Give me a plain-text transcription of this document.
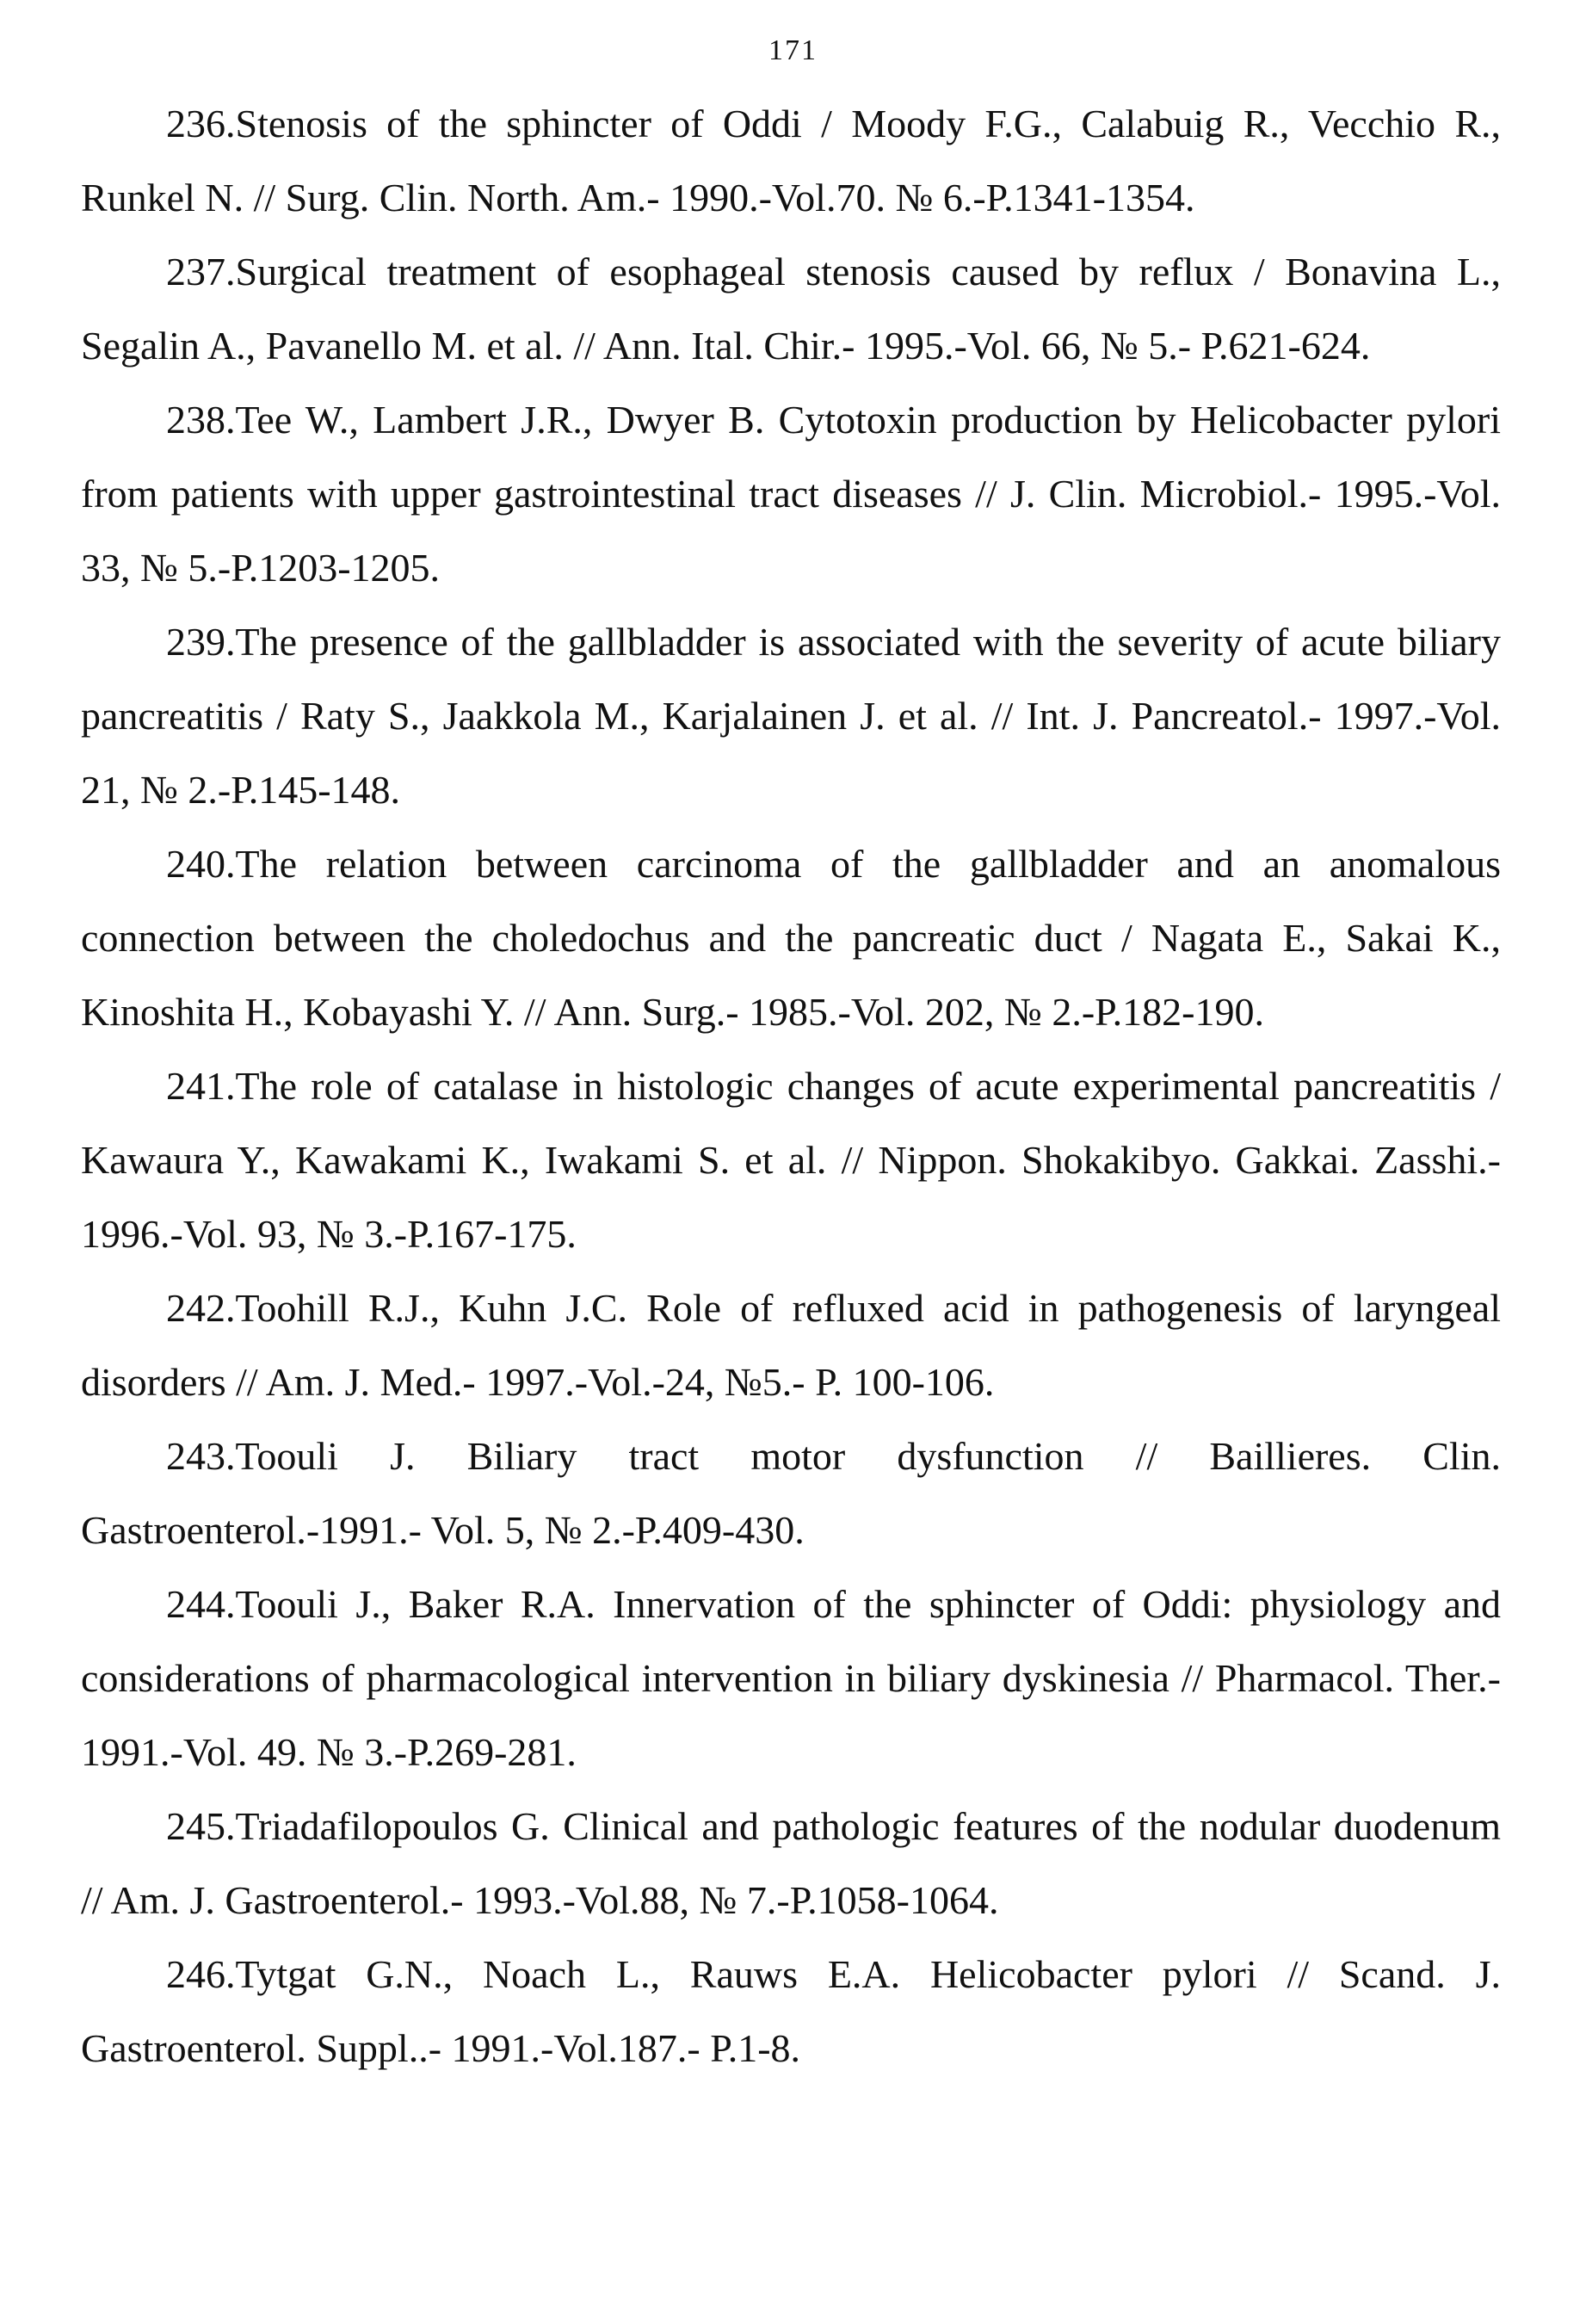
171

236.Stenosis of the sphincter of Oddi / Moody F.G., Calabuig R., Vecchio R., Runkel N. // Surg. Clin. North. Am.- 1990.-Vol.70. № 6.-P.1341-1354.

237.Surgical treatment of esophageal stenosis caused by reflux / Bonavina L., Segalin A., Pavanello M. et al. // Ann. Ital. Chir.- 1995.-Vol. 66, № 5.- P.621-624.

238.Tee W., Lambert J.R., Dwyer B. Cytotoxin production by Helicobacter pylori from patients with upper gastrointestinal tract diseases // J. Clin. Microbiol.- 1995.-Vol. 33, № 5.-P.1203-1205.

239.The presence of the gallbladder is associated with the severity of acute biliary pancreatitis / Raty S., Jaakkola M., Karjalainen J. et al. // Int. J. Pancreatol.- 1997.-Vol. 21, № 2.-P.145-148.

240.The relation between carcinoma of the gallbladder and an anomalous connection between the choledochus and the pancreatic duct / Nagata E., Sakai K., Kinoshita H., Kobayashi Y. // Ann. Surg.- 1985.-Vol. 202, № 2.-P.182-190.

241.The role of catalase in histologic changes of acute experimental pancreatitis / Kawaura Y., Kawakami K., Iwakami S. et al. // Nippon. Shokakibyo. Gakkai. Zasshi.- 1996.-Vol. 93, № 3.-P.167-175.

242.Toohill R.J., Kuhn J.C. Role of refluxed acid in pathogenesis of laryngeal disorders // Am. J. Med.- 1997.-Vol.-24, №5.- P. 100-106.

243.Toouli J. Biliary tract motor dysfunction // Baillieres. Clin. Gastroenterol.-1991.- Vol. 5, № 2.-P.409-430.

244.Toouli J., Baker R.A. Innervation of the sphincter of Oddi: physiology and considerations of pharmacological intervention in biliary dyskinesia // Pharmacol. Ther.- 1991.-Vol. 49. № 3.-P.269-281.

245.Triadafilopoulos G. Clinical and pathologic features of the nodular duodenum // Am. J. Gastroenterol.- 1993.-Vol.88, № 7.-P.1058-1064.

246.Tytgat G.N., Noach L., Rauws E.A. Helicobacter pylori // Scand. J. Gastroenterol. Suppl..- 1991.-Vol.187.- P.1-8.
